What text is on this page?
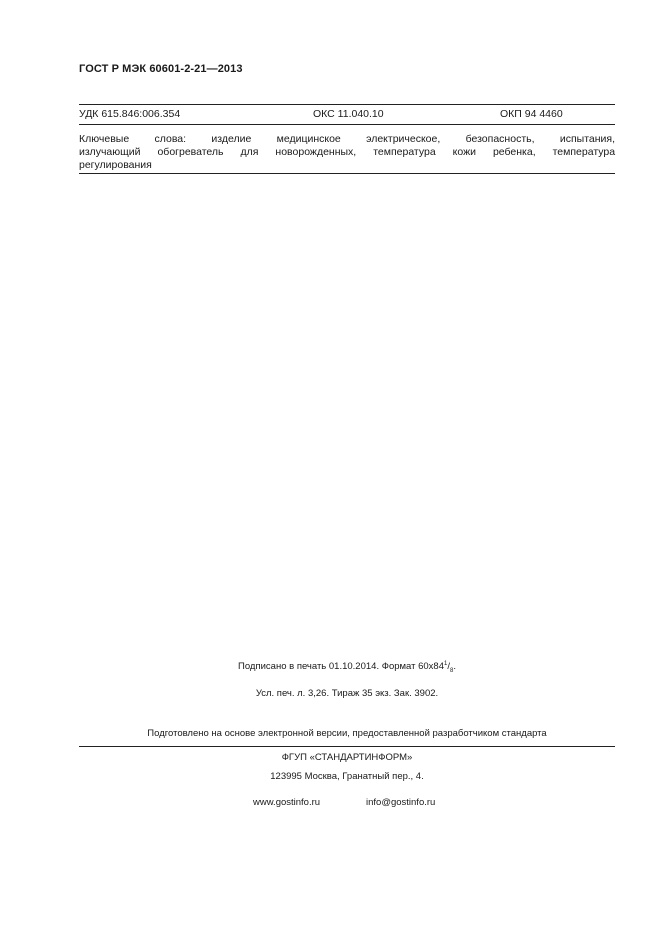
ГОСТ Р МЭК 60601-2-21—2013
УДК 615.846:006.354	ОКС 11.040.10	ОКП 94 4460
Ключевые слова: изделие медицинское электрическое, безопасность, испытания,
излучающий обогреватель для новорожденных, температура кожи ребенка, температура
регулирования
Подписано в печать 01.10.2014. Формат $60x84^1/_8$.
Усл. печ. л. 3,26. Тираж 35 экз. Зак. 3902.
Подготовлено на основе электронной версии, предоставленной разработчиком стандарта
ФГУП «СТАНДАРТИНФОРМ»
123995 Москва, Гранатный пер., 4.
www.gostinfo.ru	info@gostinfo.ru
